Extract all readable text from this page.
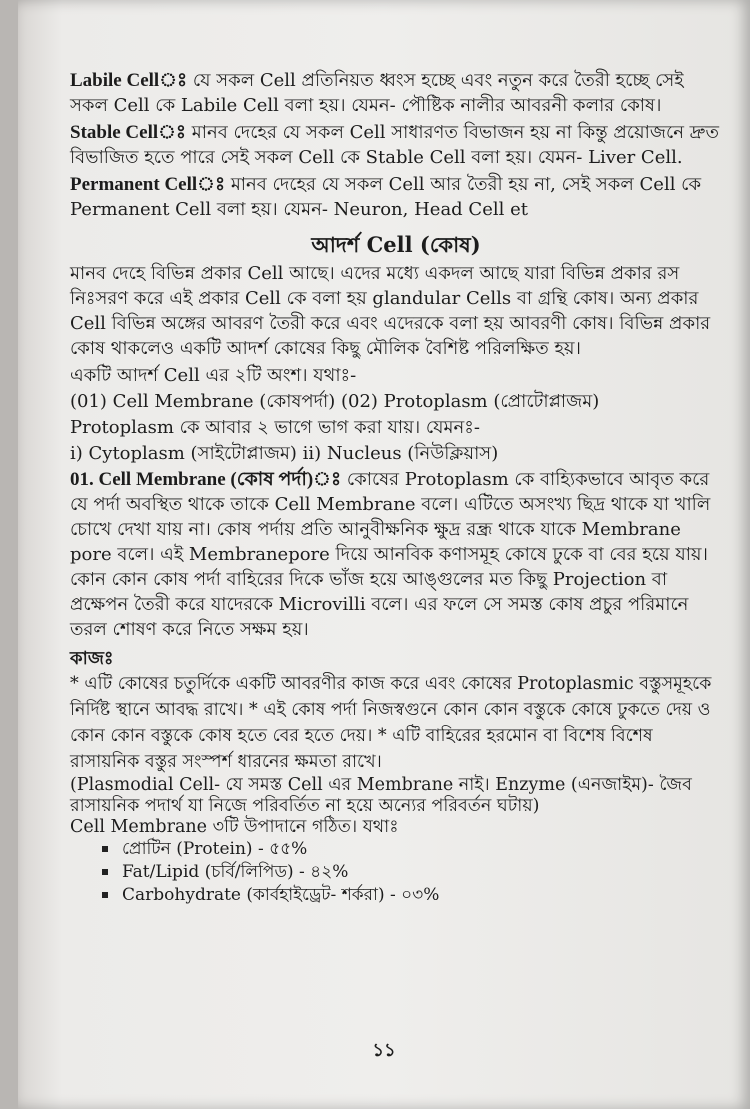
Labile Cellঃ যে সকল Cell প্রতিনিয়ত ধ্বংস হচ্ছে এবং নতুন করে তৈরী হচ্ছে সেই সকল Cell কে Labile Cell বলা হয়। যেমন- পৌষ্টিক নালীর আবরনী কলার কোষ।

Stable Cellঃ মানব দেহের যে সকল Cell সাধারণত বিভাজন হয় না কিন্তু প্রয়োজনে দ্রুত বিভাজিত হতে পারে সেই সকল Cell কে Stable Cell বলা হয়। যেমন- Liver Cell.

Permanent Cellঃ মানব দেহের যে সকল Cell আর তৈরী হয় না, সেই সকল Cell কে Permanent Cell বলা হয়। যেমন- Neuron, Head Cell et

আদর্শ Cell (কোষ)

মানব দেহে বিভিন্ন প্রকার Cell আছে। এদের মধ্যে একদল আছে যারা বিভিন্ন প্রকার রস নিঃসরণ করে এই প্রকার Cell কে বলা হয় glandular Cells বা গ্রন্থি কোষ। অন্য প্রকার Cell বিভিন্ন অঙ্গের আবরণ তৈরী করে এবং এদেরকে বলা হয় আবরণী কোষ। বিভিন্ন প্রকার কোষ থাকলেও একটি আদর্শ কোষের কিছু মৌলিক বৈশিষ্ট পরিলক্ষিত হয়।

একটি আদর্শ Cell এর ২টি অংশ। যথাঃ-

(01) Cell Membrane (কোষপর্দা) (02) Protoplasm (প্রোটোপ্লাজম)

Protoplasm কে আবার ২ ভাগে ভাগ করা যায়। যেমনঃ-

i) Cytoplasm (সাইটোপ্লাজম) ii) Nucleus (নিউক্লিয়াস)

01. Cell Membrane (কোষ পর্দা)ঃ কোষের Protoplasm কে বাহ্যিকভাবে আবৃত করে যে পর্দা অবস্থিত থাকে তাকে Cell Membrane বলে। এটিতে অসংখ্য ছিদ্র থাকে যা খালি চোখে দেখা যায় না। কোষ পর্দায় প্রতি আনুবীক্ষনিক ক্ষুদ্র রন্ধ্র থাকে যাকে Membrane pore বলে। এই Membranepore দিয়ে আনবিক কণাসমূহ কোষে ঢুকে বা বের হয়ে যায়। কোন কোন কোষ পর্দা বাহিরের দিকে ভাঁজ হয়ে আঙ্গুলের মত কিছু Projection বা প্রক্ষেপন তৈরী করে যাদেরকে Microvilli বলে। এর ফলে সে সমস্ত কোষ প্রচুর পরিমানে তরল শোষণ করে নিতে সক্ষম হয়।

কাজঃ

* এটি কোষের চতুর্দিকে একটি আবরণীর কাজ করে এবং কোষের Protoplasmic বস্তুসমূহকে নির্দিষ্ট স্থানে আবদ্ধ রাখে। * এই কোষ পর্দা নিজস্বগুনে কোন কোন বস্তুকে কোষে ঢুকতে দেয় ও কোন কোন বস্তুকে কোষ হতে বের হতে দেয়। * এটি বাহিরের হরমোন বা বিশেষ বিশেষ রাসায়নিক বস্তুর সংস্পর্শ ধারনের ক্ষমতা রাখে।

(Plasmodial Cell- যে সমস্ত Cell এর Membrane নাই। Enzyme (এনজাইম)- জৈব রাসায়নিক পদার্থ যা নিজে পরিবর্তিত না হয়ে অন্যের পরিবর্তন ঘটায়)

Cell Membrane ৩টি উপাদানে গঠিত। যথাঃ

প্রোটিন (Protein) - ৫৫%
Fat/Lipid (চর্বি/লিপিড) - ৪২%
Carbohydrate (কার্বহাইড্রেট- শর্করা) - ০৩%
১১
